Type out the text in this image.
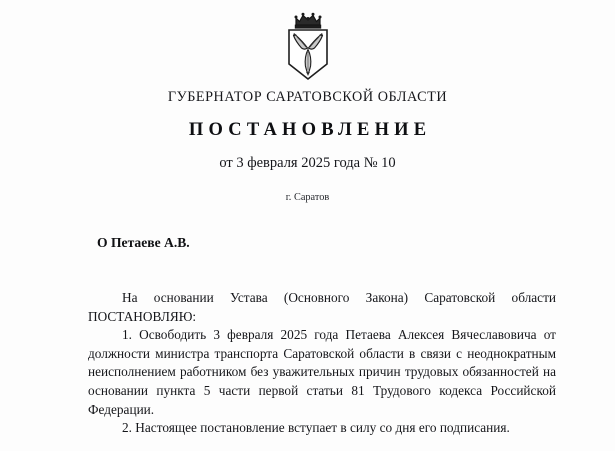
ГУБЕРНАТОР САРАТОВСКОЙ ОБЛАСТИ
ПОСТАНОВЛЕНИЕ
от 3 февраля 2025 года № 10
г. Саратов
О Петаеве А.В.

На основании Устава (Основного Закона) Саратовской области ПОСТАНОВЛЯЮ:

1. Освободить 3 февраля 2025 года Петаева Алексея Вячеславовича от должности министра транспорта Саратовской области в связи с неоднократным неисполнением работником без уважительных причин трудовых обязанностей на основании пункта 5 части первой статьи 81 Трудового кодекса Российской Федерации.

2. Настоящее постановление вступает в силу со дня его подписания.
